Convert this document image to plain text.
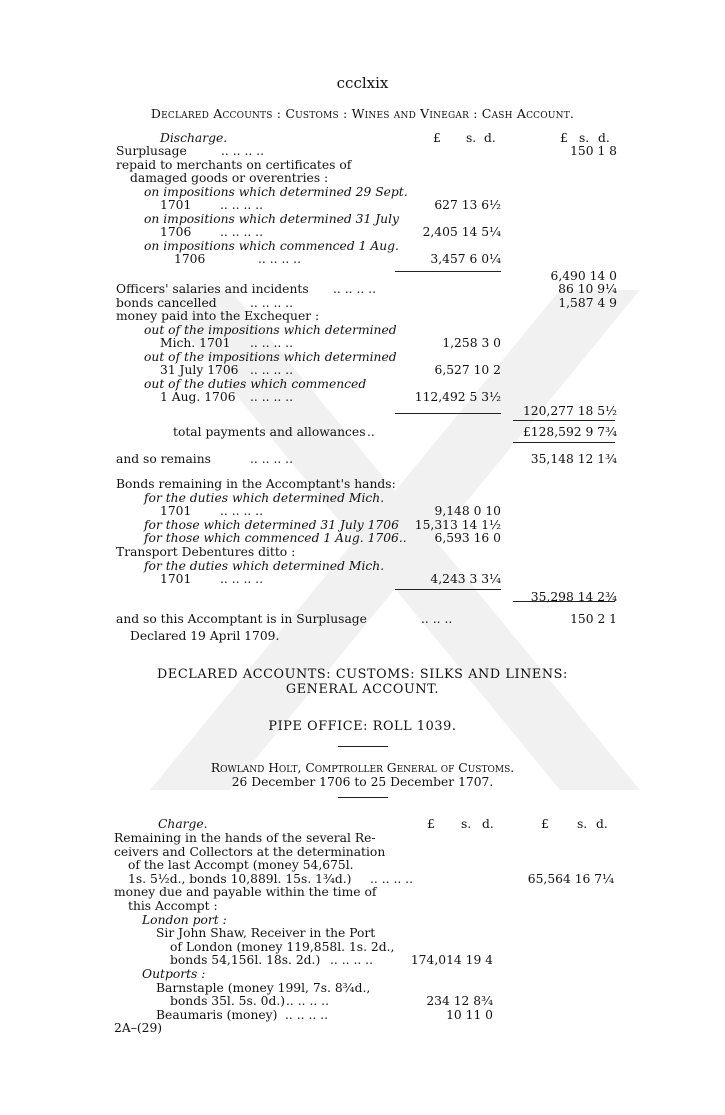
ccclxix
Declared Accounts : Customs : Wines and Vinegar : Cash Account.
£ s. d.	£ s. d.
Discharge.
Surplusage	.. .. .. ..	150 1 8
repaid to merchants on certificates of
damaged goods or overentries :
on impositions which determined 29 Sept.
1701 .. .. .. ..	627 13 6½
on impositions which determined 31 July
1706 .. .. .. ..	2,405 14 5¼
on impositions which commenced 1 Aug.
1706	.. .. .. ..	3,457 6 0¼
6,490 14 0
Officers' salaries and incidents .. .. .. ..	86 10 9¼
bonds cancelled	.. .. .. ..	1,587 4 9
money paid into the Exchequer :
out of the impositions which determined
Mich. 1701 .. .. .. ..	1,258 3 0
out of the impositions which determined
31 July 1706 .. .. .. ..	6,527 10 2
out of the duties which commenced
1 Aug. 1706 .. .. .. ..	112,492 5 3½
120,277 18 5½
total payments and allowances ..	£128,592 9 7¾
and so remains	.. .. .. ..	35,148 12 1¾
Bonds remaining in the Accomptant's hands:
for the duties which determined Mich.
1701 .. .. .. ..	9,148 0 10
for those which determined 31 July 1706 15,313 14 1½
for those which commenced 1 Aug. 1706.. 6,593 16 0
Transport Debentures ditto :
for the duties which determined Mich.
1701 .. .. .. ..	4,243 3 3¼
35,298 14 2¾
and so this Accomptant is in Surplusage	.. .. ..	150 2 1
Declared 19 April 1709.
DECLARED ACCOUNTS: CUSTOMS: SILKS AND LINENS:
GENERAL ACCOUNT.
PIPE OFFICE: ROLL 1039.
Rowland Holt, Comptroller General of Customs.
26 December 1706 to 25 December 1707.
£ s. d.	£ s. d.
Charge.
Remaining in the hands of the several Re-
ceivers and Collectors at the determination
of the last Accompt (money 54,675l.
1s. 5½d., bonds 10,889l. 15s. 1¾d.) .. .. .. ..	65,564 16 7¼
money due and payable within the time of
this Accompt :
London port :
Sir John Shaw, Receiver in the Port
of London (money 119,858l. 1s. 2d.,
bonds 54,156l. 18s. 2d.) .. .. .. ..	174,014 19 4
Outports :
Barnstaple (money 199l, 7s. 8¾d.,
bonds 35l. 5s. 0d.) .. .. .. ..	234 12 8¾
Beaumaris (money) .. .. .. ..	10 11 0
2A–(29)
